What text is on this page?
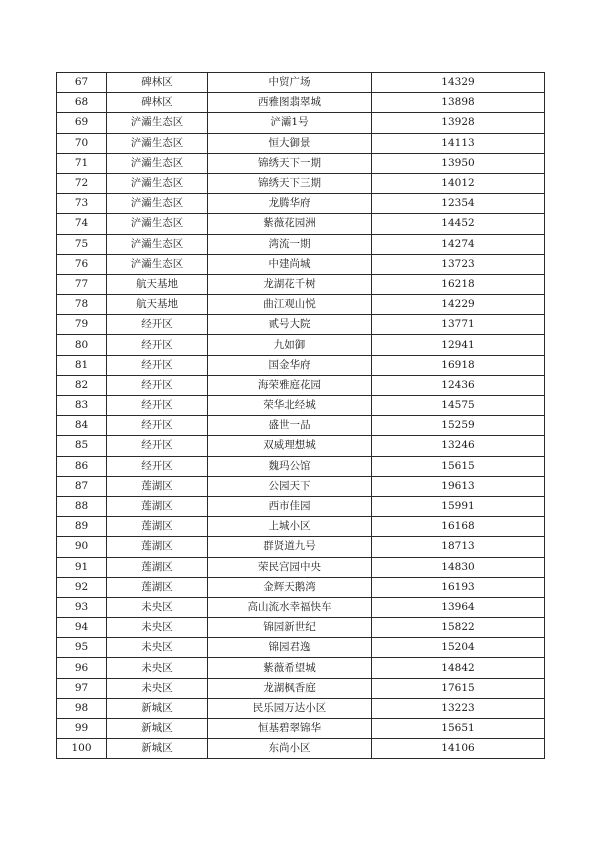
67	碑林区	中贸广场	14329
68	碑林区	西雅图翡翠城	13898
69	浐灞生态区	浐灞1号	13928
70	浐灞生态区	恒大御景	14113
71	浐灞生态区	锦绣天下一期	13950
72	浐灞生态区	锦绣天下三期	14012
73	浐灞生态区	龙腾华府	12354
74	浐灞生态区	紫薇花园洲	14452
75	浐灞生态区	湾流一期	14274
76	浐灞生态区	中建尚城	13723
77	航天基地	龙湖花千树	16218
78	航天基地	曲江观山悦	14229
79	经开区	贰号大院	13771
80	经开区	九如御	12941
81	经开区	国金华府	16918
82	经开区	海荣雅庭花园	12436
83	经开区	荣华北经城	14575
84	经开区	盛世一品	15259
85	经开区	双威理想城	13246
86	经开区	魏玛公馆	15615
87	莲湖区	公园天下	19613
88	莲湖区	西市佳园	15991
89	莲湖区	上城小区	16168
90	莲湖区	群贤道九号	18713
91	莲湖区	荣民宫园中央	14830
92	莲湖区	金辉天鹅湾	16193
93	未央区	高山流水幸福快车	13964
94	未央区	锦园新世纪	15822
95	未央区	锦园君逸	15204
96	未央区	紫薇希望城	14842
97	未央区	龙湖枫香庭	17615
98	新城区	民乐园万达小区	13223
99	新城区	恒基碧翠锦华	15651
100	新城区	东尚小区	14106
